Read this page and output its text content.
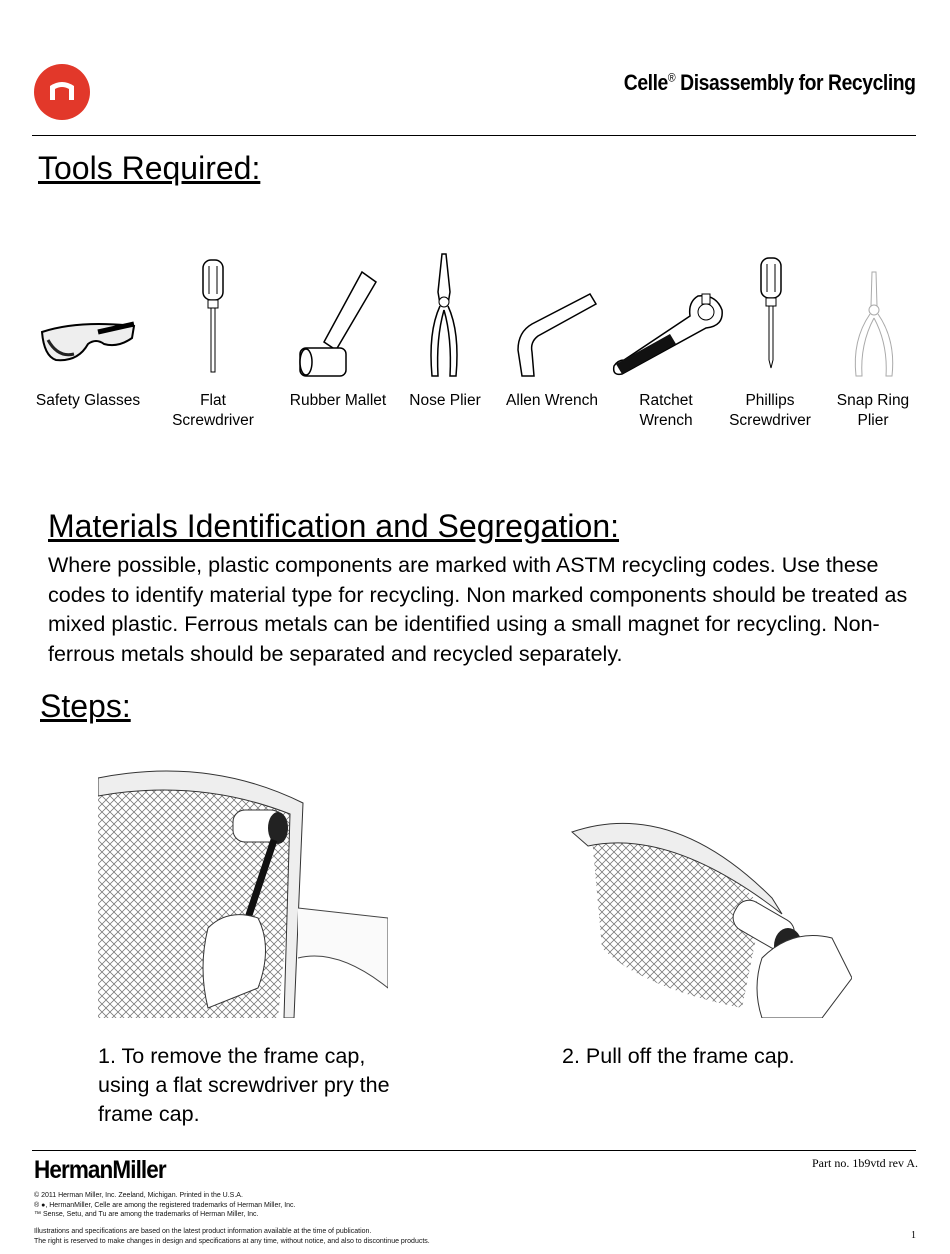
Celle® Disassembly for Recycling
Tools Required:
Safety Glasses	Flat
Screwdriver
Rubber Mallet	Nose Plier	Allen Wrench	Ratchet
Wrench
Phillips
Screwdriver
Snap Ring
Plier
Materials Identification and Segregation:
Where possible, plastic components are marked with ASTM recycling codes. Use these codes to identify material type for recycling. Non marked components should be treated as mixed plastic. Ferrous metals can be identified using a small magnet for recycling. Non-ferrous metals should be separated and recycled separately.
Steps:
1. To remove the frame cap, using a flat screwdriver pry the frame cap.
2. Pull off the frame cap.
HermanMiller	Part no. 1b9vtd rev A.
© 2011 Herman Miller, Inc. Zeeland, Michigan. Printed in the U.S.A.
® ●, HermanMiller, Celle are among the registered trademarks of Herman Miller, Inc.
™ Sense, Setu, and Tu are among the trademarks of Herman Miller, Inc.
Illustrations and specifications are based on the latest product information available at the time of publication.
The right is reserved to make changes in design and specifications at any time, without notice, and also to discontinue products.	1
